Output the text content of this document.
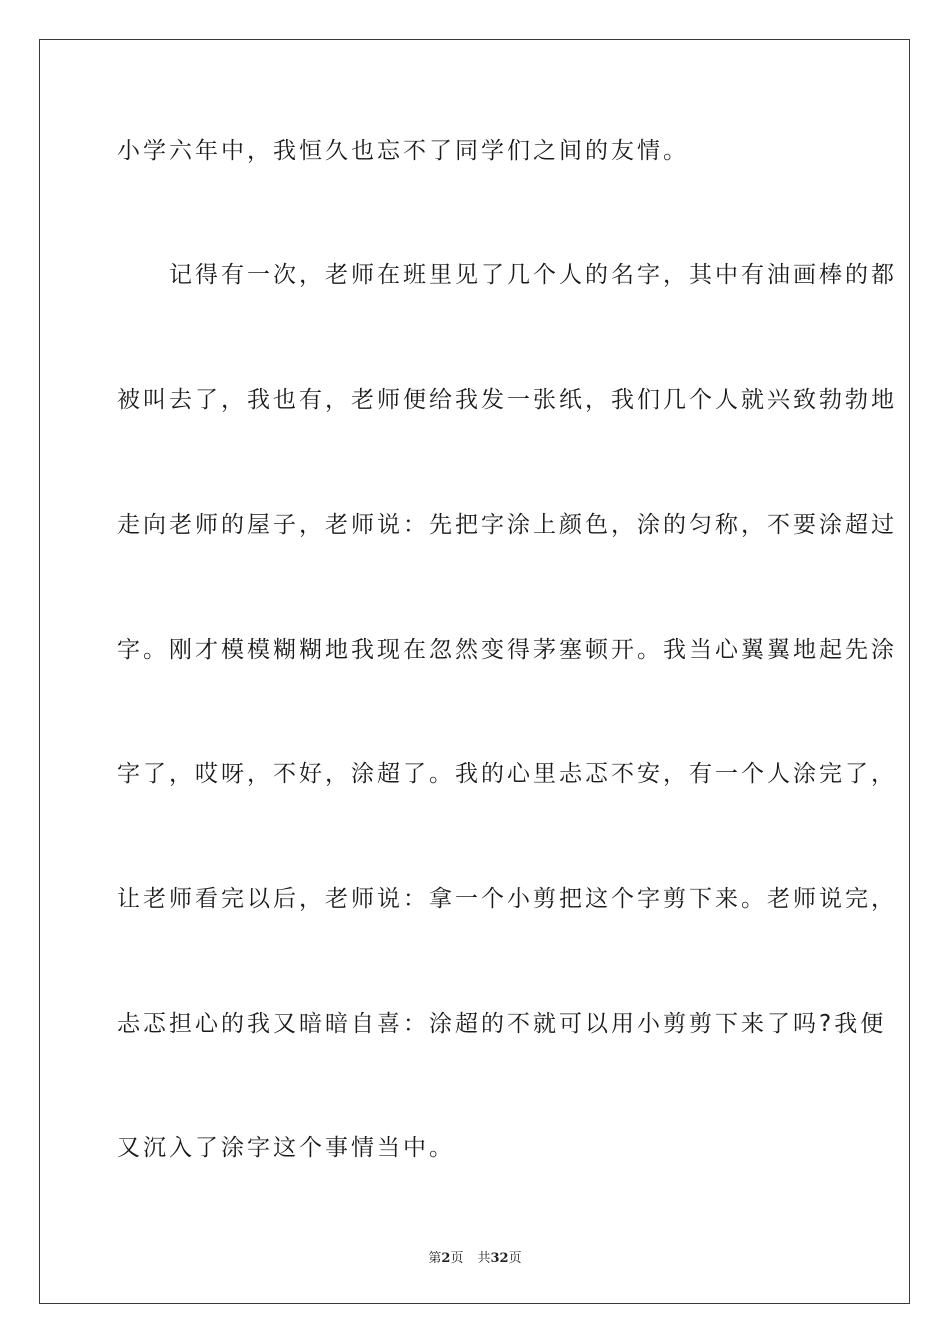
小学六年中，我恒久也忘不了同学们之间的友情。
　　记得有一次，老师在班里见了几个人的名字，其中有油画棒的都
被叫去了，我也有，老师便给我发一张纸，我们几个人就兴致勃勃地
走向老师的屋子，老师说：先把字涂上颜色，涂的匀称，不要涂超过
字。刚才模模糊糊地我现在忽然变得茅塞顿开。我当心翼翼地起先涂
字了，哎呀，不好，涂超了。我的心里忐忑不安，有一个人涂完了，
让老师看完以后，老师说：拿一个小剪把这个字剪下来。老师说完，
忐忑担心的我又暗暗自喜：涂超的不就可以用小剪剪下来了吗?我便
又沉入了涂字这个事情当中。
第2页 共32页
